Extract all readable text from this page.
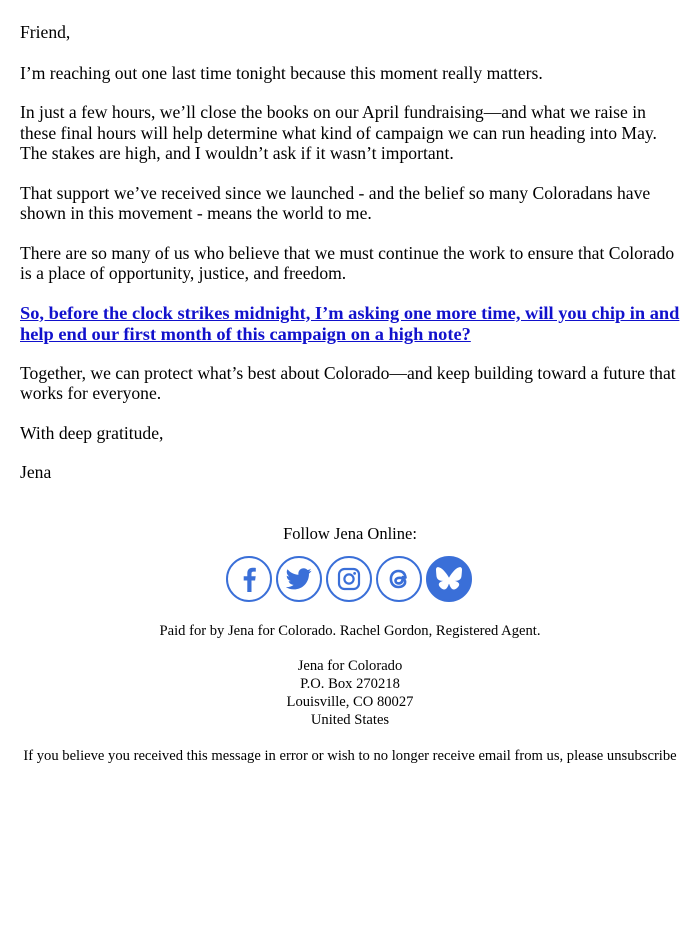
Friend,

I’m reaching out one last time tonight because this moment really matters.

In just a few hours, we’ll close the books on our April fundraising—and what we raise in these final hours will help determine what kind of campaign we can run heading into May. The stakes are high, and I wouldn’t ask if it wasn’t important.

That support we’ve received since we launched - and the belief so many Coloradans have shown in this movement - means the world to me.

There are so many of us who believe that we must continue the work to ensure that Colorado is a place of opportunity, justice, and freedom.

So, before the clock strikes midnight, I’m asking one more time, will you chip in and help end our first month of this campaign on a high note?

Together, we can protect what’s best about Colorado—and keep building toward a future that works for everyone.

With deep gratitude,

Jena

Follow Jena Online:

Paid for by Jena for Colorado. Rachel Gordon, Registered Agent.

Jena for Colorado
P.O. Box 270218
Louisville, CO 80027
United States

If you believe you received this message in error or wish to no longer receive email from us, please unsubscribe
